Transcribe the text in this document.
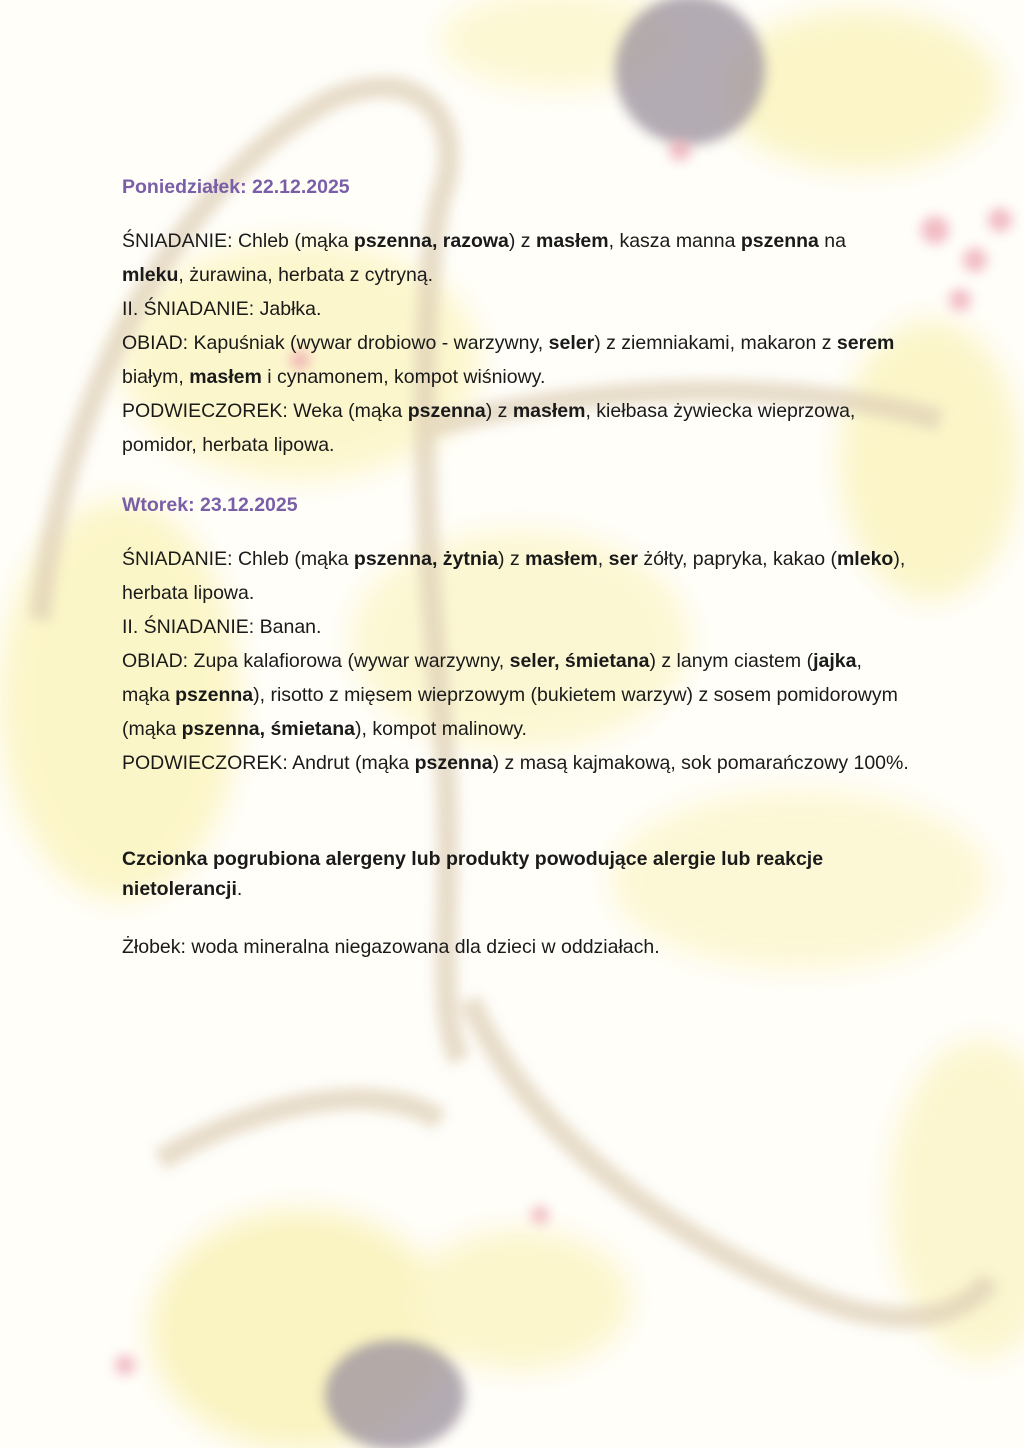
Poniedziałek: 22.12.2025

ŚNIADANIE: Chleb (mąka pszenna, razowa) z masłem, kasza manna pszenna na mleku, żurawina, herbata z cytryną.

II. ŚNIADANIE: Jabłka.

OBIAD: Kapuśniak (wywar drobiowo - warzywny, seler) z ziemniakami, makaron z serem białym, masłem i cynamonem, kompot wiśniowy.

PODWIECZOREK: Weka (mąka pszenna) z masłem, kiełbasa żywiecka wieprzowa, pomidor, herbata lipowa.

Wtorek: 23.12.2025

ŚNIADANIE: Chleb (mąka pszenna, żytnia) z masłem, ser żółty, papryka, kakao (mleko), herbata lipowa.

II. ŚNIADANIE: Banan.

OBIAD: Zupa kalafiorowa (wywar warzywny, seler, śmietana) z lanym ciastem (jajka, mąka pszenna), risotto z mięsem wieprzowym (bukietem warzyw) z sosem pomidorowym (mąka pszenna, śmietana), kompot malinowy.

PODWIECZOREK: Andrut (mąka pszenna) z masą kajmakową, sok pomarańczowy 100%.

Czcionka pogrubiona alergeny lub produkty powodujące alergie lub reakcje nietolerancji.
Żłobek: woda mineralna niegazowana dla dzieci w oddziałach.
